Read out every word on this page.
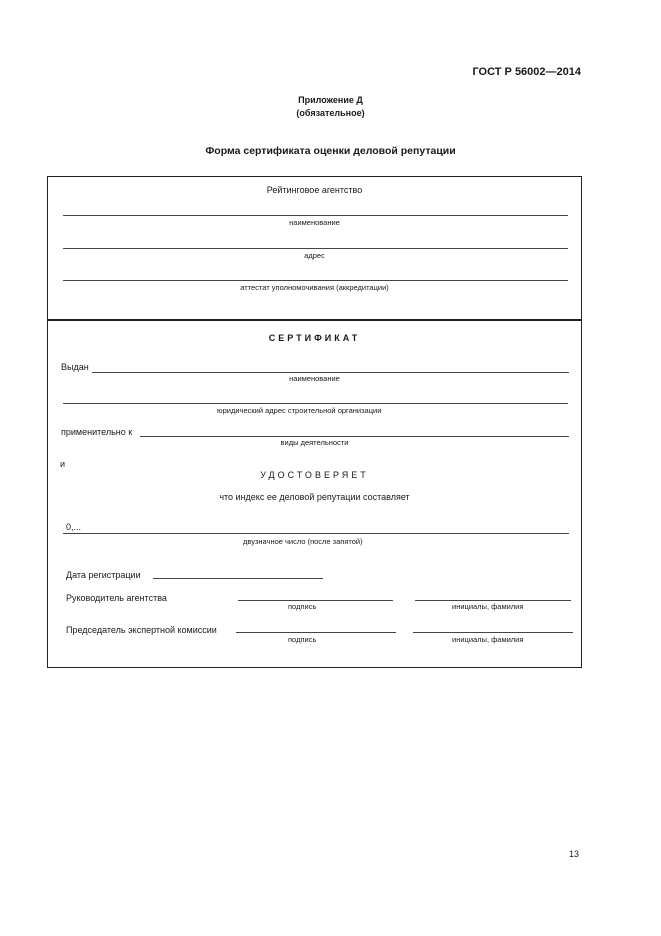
ГОСТ Р 56002—2014
Приложение Д
(обязательное)
Форма сертификата оценки деловой репутации
Рейтинговое агентство
наименование
адрес
аттестат уполномочивания (аккредитации)
СЕРТИФИКАТ
Выдан
наименование
юридический адрес строительной организации
применительно к
виды деятельности
и
УДОСТОВЕРЯЕТ
что индекс ее деловой репутации составляет
0,...
двузначное число (после запятой)
Дата регистрации
Руководитель агентства
подпись	инициалы, фамилия
Председатель экспертной комиссии
подпись	инициалы, фамилия
13
